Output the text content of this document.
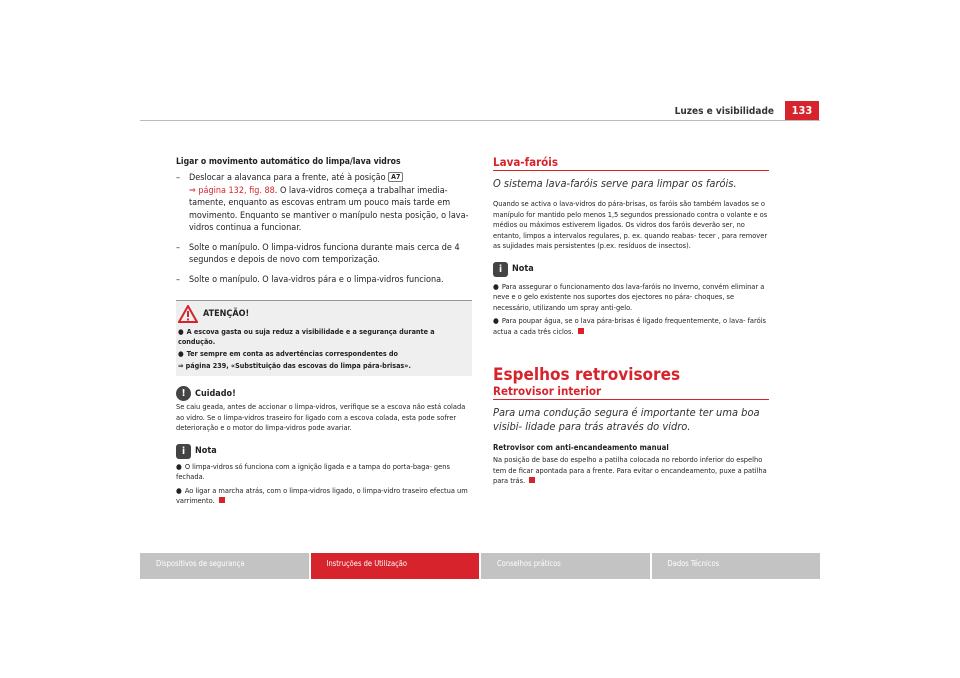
Luzes e visibilidade	133
Ligar o movimento automático do limpa/lava vidros
– Deslocar a alavanca para a frente, até à posição A7
⇒ página 132, fig. 88. O lava-vidros começa a trabalhar imedia- tamente, enquanto as escovas entram um pouco mais tarde em movimento. Enquanto se mantiver o manípulo nesta posição, o lava-vidros continua a funcionar.
– Solte o manípulo. O limpa-vidros funciona durante mais cerca de 4 segundos e depois de novo com temporização.
– Solte o manípulo. O lava-vidros pára e o limpa-vidros funciona.
ATENÇÃO!
● A escova gasta ou suja reduz a visibilidade e a segurança durante a condução.
● Ter sempre em conta as advertências correspondentes do
⇒ página 239, «Substituição das escovas do limpa pára-brisas».
!	Cuidado!
Se caiu geada, antes de accionar o limpa-vidros, verifique se a escova não está colada ao vidro. Se o limpa-vidros traseiro for ligado com a escova colada, esta pode sofrer deterioração e o motor do limpa-vidros pode avariar.
i	Nota
● O limpa-vidros só funciona com a ignição ligada e a tampa do porta-baga- gens fechada.
● Ao ligar a marcha atrás, com o limpa-vidros ligado, o limpa-vidro traseiro efectua um varrimento.
Lava-faróis
O sistema lava-faróis serve para limpar os faróis.
Quando se activa o lava-vidros do pára-brisas, os faróis são também lavados se o manípulo for mantido pelo menos 1,5 segundos pressionado contra o volante e os médios ou máximos estiverem ligados. Os vidros dos faróis deverão ser, no entanto, limpos a intervalos regulares, p. ex. quando reabas- tecer , para remover as sujidades mais persistentes (p.ex. resíduos de insectos).
i	Nota
● Para assegurar o funcionamento dos lava-faróis no Inverno, convém eliminar a neve e o gelo existente nos suportes dos ejectores no pára- choques, se necessário, utilizando um spray anti-gelo.
● Para poupar água, se o lava pára-brisas é ligado frequentemente, o lava- faróis actua a cada três ciclos.
Espelhos retrovisores
Retrovisor interior
Para uma condução segura é importante ter uma boa visibi- lidade para trás através do vidro.
Retrovisor com anti-encandeamento manual
Na posição de base do espelho a patilha colocada no rebordo inferior do espelho tem de ficar apontada para a frente. Para evitar o encandeamento, puxe a patilha para trás.
Dispositivos de segurança	Instruções de Utilização	Conselhos práticos	Dados Técnicos
